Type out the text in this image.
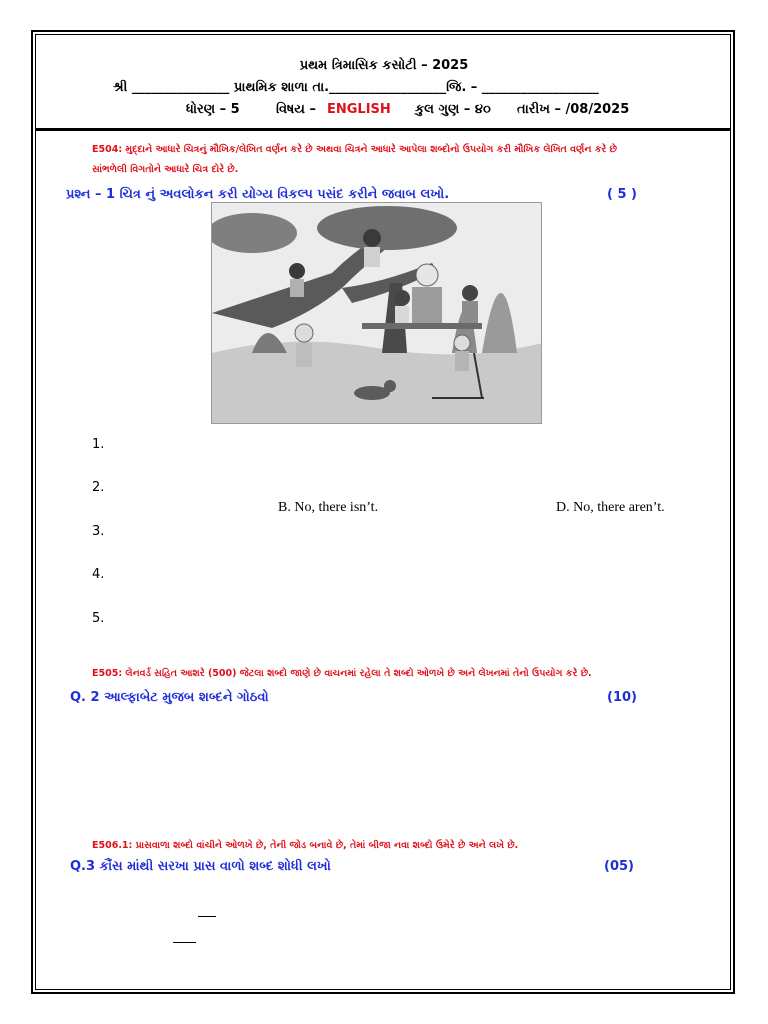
પ્રથમ ત્રિમાસિક કસોટી – 2025
શ્રી _______________ પ્રાથમિક શાળા તા.__________________જિ. – __________________
ધોરણ – 5	વિષય – ENGLISH કુલ ગુણ – ૪૦ તારીખ – /08/2025
E504: મુદ્દાને આધારે ચિત્રનું મૌખિક/લેખિત વર્ણન કરે છે અથવા ચિત્રને આધારે આપેલા શબ્દોનો ઉપયોગ કરી મૌખિક લેખિત વર્ણન કરે છે
સાંભળેલી વિગતોને આધારે ચિત્ર દોરે છે.
પ્રશ્ન – 1 ચિત્ર નું અવલોકન કરી યોગ્ય વિકલ્પ પસંદ કરીને જવાબ લખો.	( 5 )
1.
2.
B. No, there isn’t.	D. No, there aren’t.
3.
4.
5.
E505: લેનવર્ડ સહિત આશરે (500) જેટલા શબ્દો જાણે છે વાચનમાં રહેલા તે શબ્દો ઓળખે છે અને લેખનમાં તેનો ઉપયોગ કરે છે.
Q. 2 આલ્ફાબેટ મુજબ શબ્દને ગોઠવો	(10)
E506.1: પ્રાસવાળા શબ્દો વાંચીને ઓળખે છે, તેની જોડ બનાવે છે, તેમાં બીજા નવા શબ્દો ઉમેરે છે અને લખે છે.
Q.3 કૌંસ માંથી સરખા પ્રાસ વાળો શબ્દ શોધી લખો	(05)
